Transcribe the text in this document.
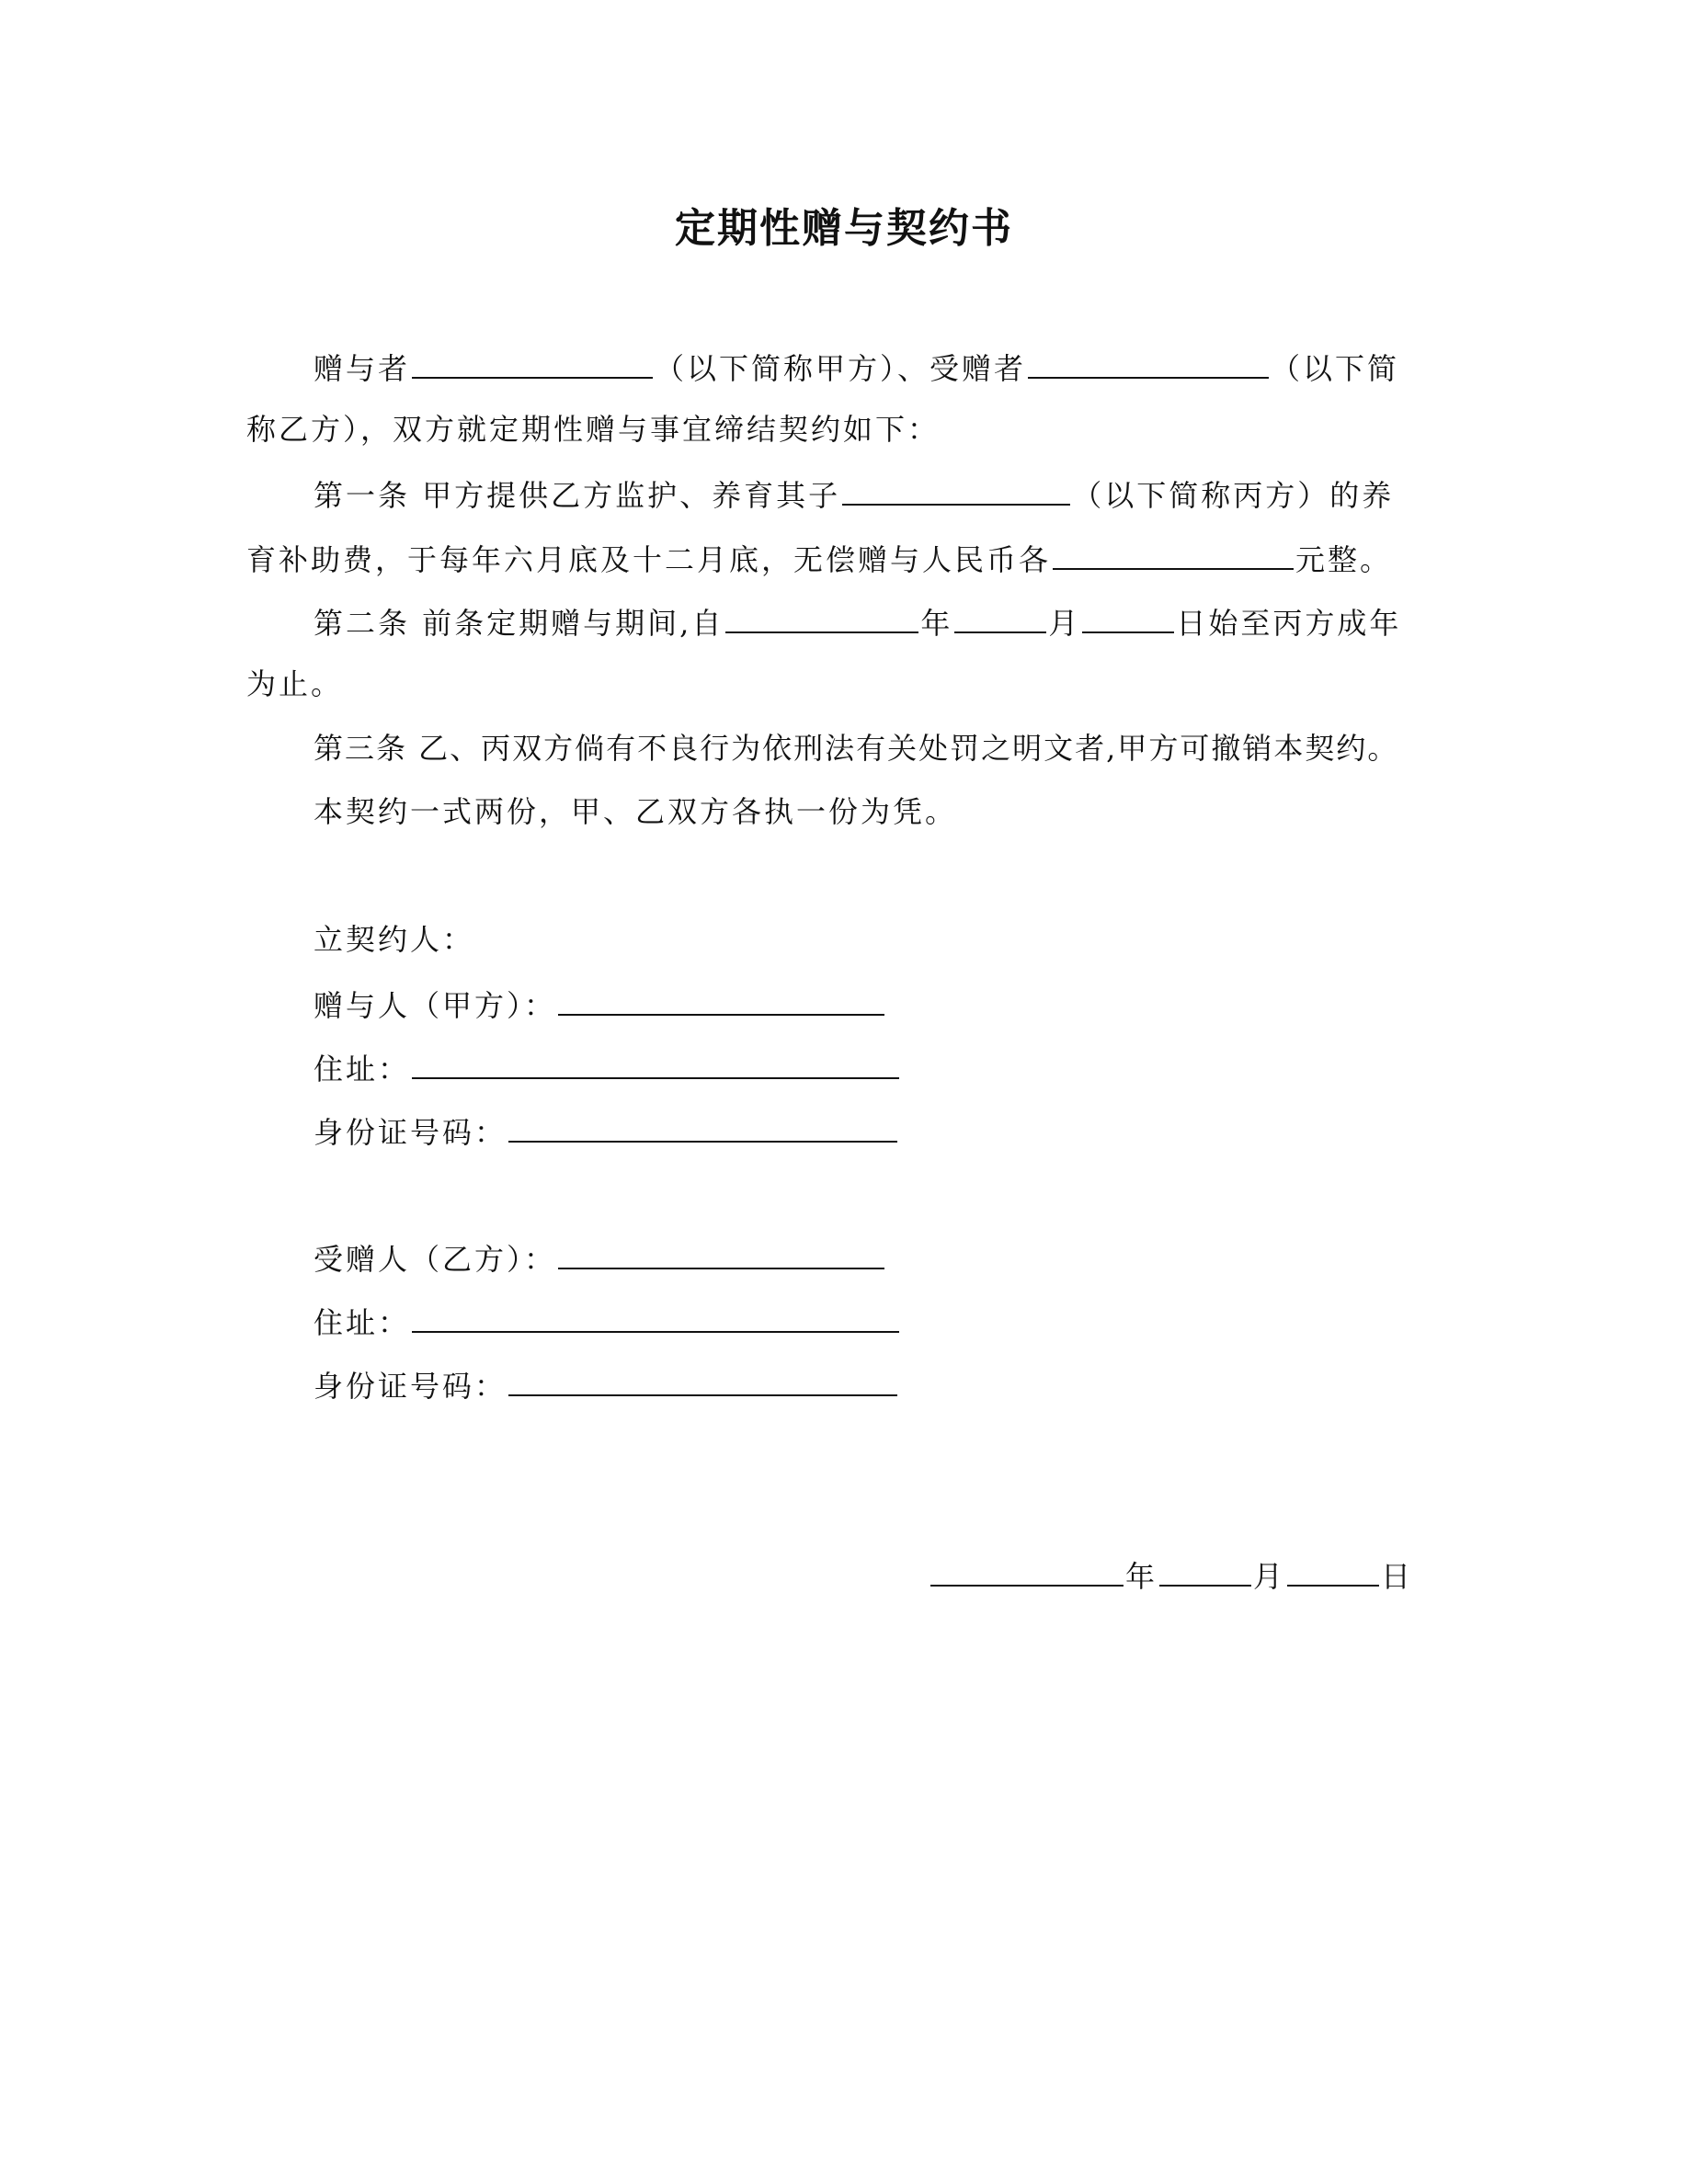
定期性赠与契约书
赠与者	（以下简称甲方）、受赠者	（以下简
称乙方），双方就定期性赠与事宜缔结契约如下：
第一条 甲方提供乙方监护、养育其子	（以下简称丙方）的养
育补助费，于每年六月底及十二月底，无偿赠与人民币各	元整。
第二条 前条定期赠与期间,自	年	月	日始至丙方成年
为止。
第三条 乙、丙双方倘有不良行为依刑法有关处罚之明文者,甲方可撤销本契约。
本契约一式两份，甲、乙双方各执一份为凭。
立契约人：
赠与人（甲方）：
住址：
身份证号码：
受赠人（乙方）：
住址：
身份证号码：
年	月	日
